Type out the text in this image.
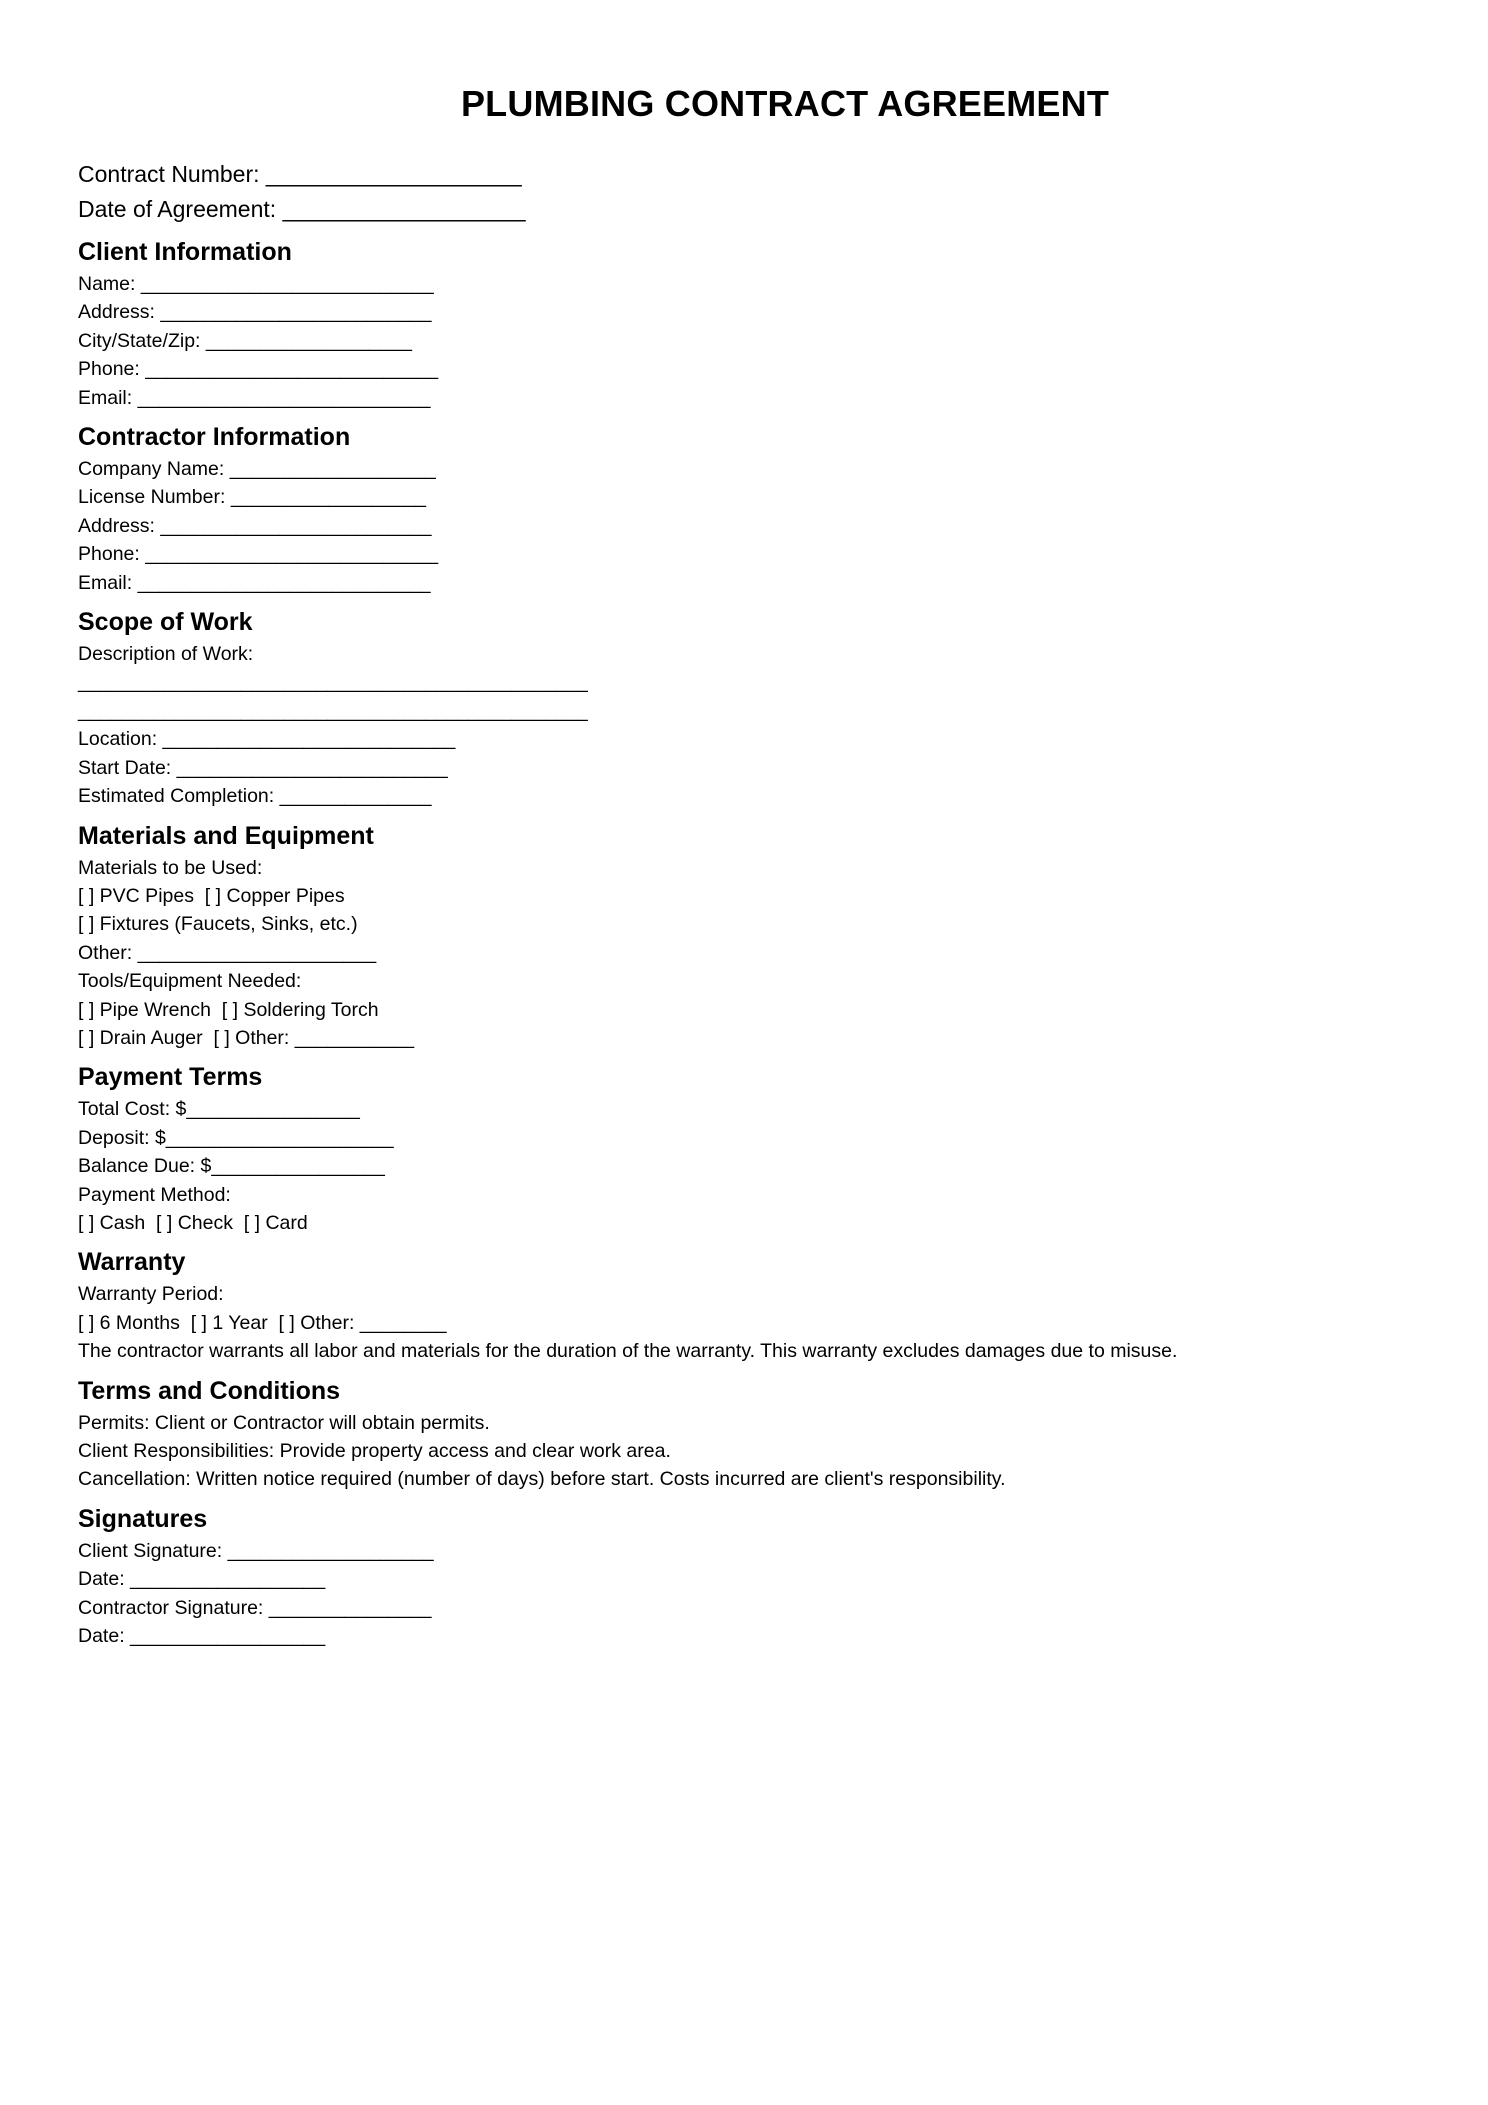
PLUMBING CONTRACT AGREEMENT
Contract Number: ____________________
Date of Agreement: ___________________
Client Information
Name: ___________________________
Address: _________________________
City/State/Zip: ___________________
Phone: ___________________________
Email: ___________________________
Contractor Information
Company Name: ___________________
License Number: __________________
Address: _________________________
Phone: ___________________________
Email: ___________________________
Scope of Work
Description of Work:
_______________________________________________
_______________________________________________
Location: ___________________________
Start Date: _________________________
Estimated Completion: ______________
Materials and Equipment
Materials to be Used:
[ ] PVC Pipes  [ ] Copper Pipes
[ ] Fixtures (Faucets, Sinks, etc.)
Other: ______________________
Tools/Equipment Needed:
[ ] Pipe Wrench  [ ] Soldering Torch
[ ] Drain Auger  [ ] Other: ___________
Payment Terms
Total Cost: $________________
Deposit: $_____________________
Balance Due: $________________
Payment Method:
[ ] Cash  [ ] Check  [ ] Card
Warranty
Warranty Period:
[ ] 6 Months  [ ] 1 Year  [ ] Other: ________
The contractor warrants all labor and materials for the duration of the warranty. This warranty excludes damages due to misuse.
Terms and Conditions
Permits: Client or Contractor will obtain permits.
Client Responsibilities: Provide property access and clear work area.
Cancellation: Written notice required (number of days) before start. Costs incurred are client's responsibility.
Signatures
Client Signature: ___________________
Date: __________________
Contractor Signature: _______________
Date: __________________
